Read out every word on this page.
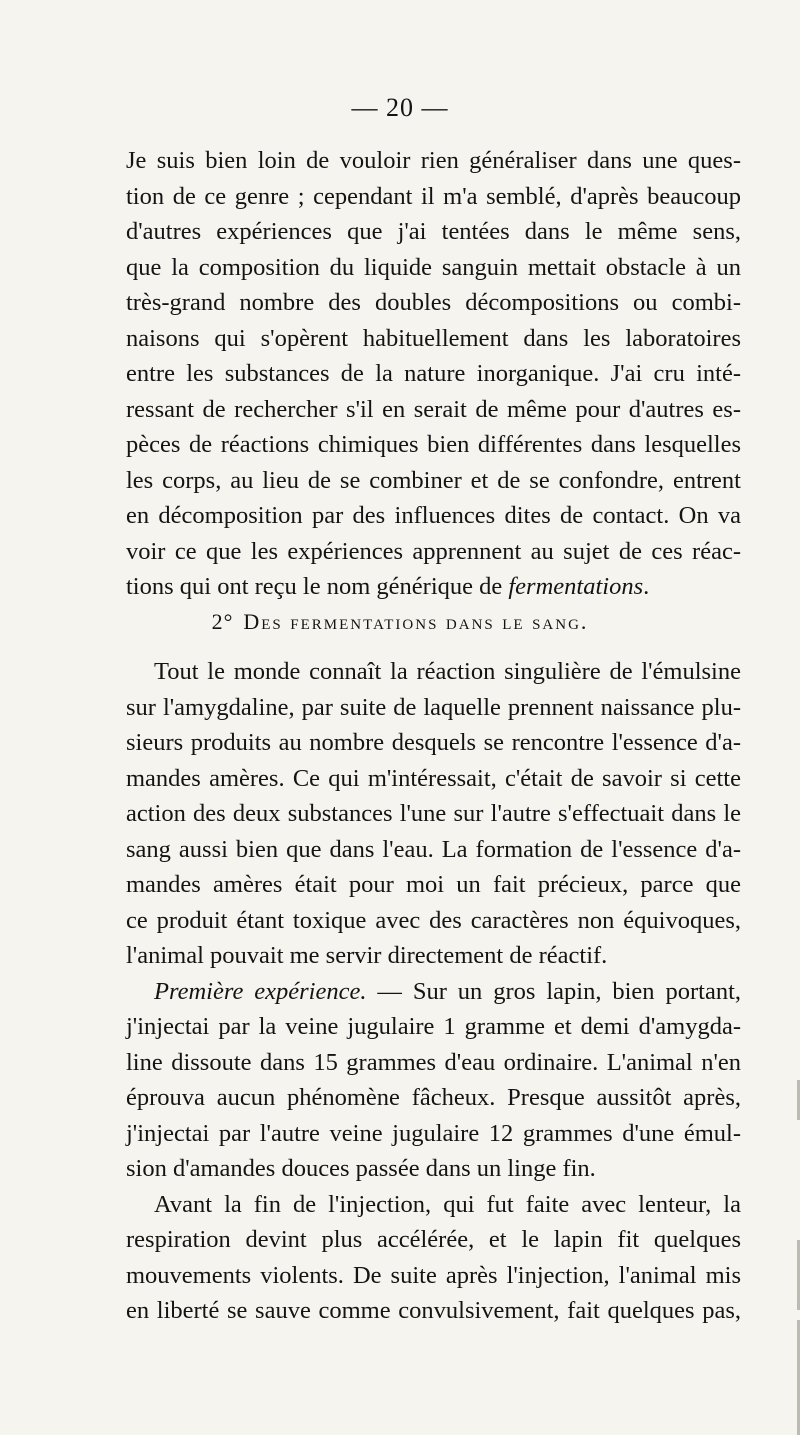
— 20 —
Je suis bien loin de vouloir rien généraliser dans une ques-
tion de ce genre ; cependant il m'a semblé, d'après beaucoup
d'autres expériences que j'ai tentées dans le même sens,
que la composition du liquide sanguin mettait obstacle à un
très-grand nombre des doubles décompositions ou combi-
naisons qui s'opèrent habituellement dans les laboratoires
entre les substances de la nature inorganique. J'ai cru inté-
ressant de rechercher s'il en serait de même pour d'autres es-
pèces de réactions chimiques bien différentes dans lesquelles
les corps, au lieu de se combiner et de se confondre, entrent
en décomposition par des influences dites de contact. On va
voir ce que les expériences apprennent au sujet de ces réac-
tions qui ont reçu le nom générique de fermentations.
2° Des fermentations dans le sang.
Tout le monde connaît la réaction singulière de l'émulsine
sur l'amygdaline, par suite de laquelle prennent naissance plu-
sieurs produits au nombre desquels se rencontre l'essence d'a-
mandes amères. Ce qui m'intéressait, c'était de savoir si cette
action des deux substances l'une sur l'autre s'effectuait dans le
sang aussi bien que dans l'eau. La formation de l'essence d'a-
mandes amères était pour moi un fait précieux, parce que
ce produit étant toxique avec des caractères non équivoques,
l'animal pouvait me servir directement de réactif.
Première expérience. — Sur un gros lapin, bien portant,
j'injectai par la veine jugulaire 1 gramme et demi d'amygda-
line dissoute dans 15 grammes d'eau ordinaire. L'animal n'en
éprouva aucun phénomène fâcheux. Presque aussitôt après,
j'injectai par l'autre veine jugulaire 12 grammes d'une émul-
sion d'amandes douces passée dans un linge fin.
Avant la fin de l'injection, qui fut faite avec lenteur, la
respiration devint plus accélérée, et le lapin fit quelques
mouvements violents. De suite après l'injection, l'animal mis
en liberté se sauve comme convulsivement, fait quelques pas,
